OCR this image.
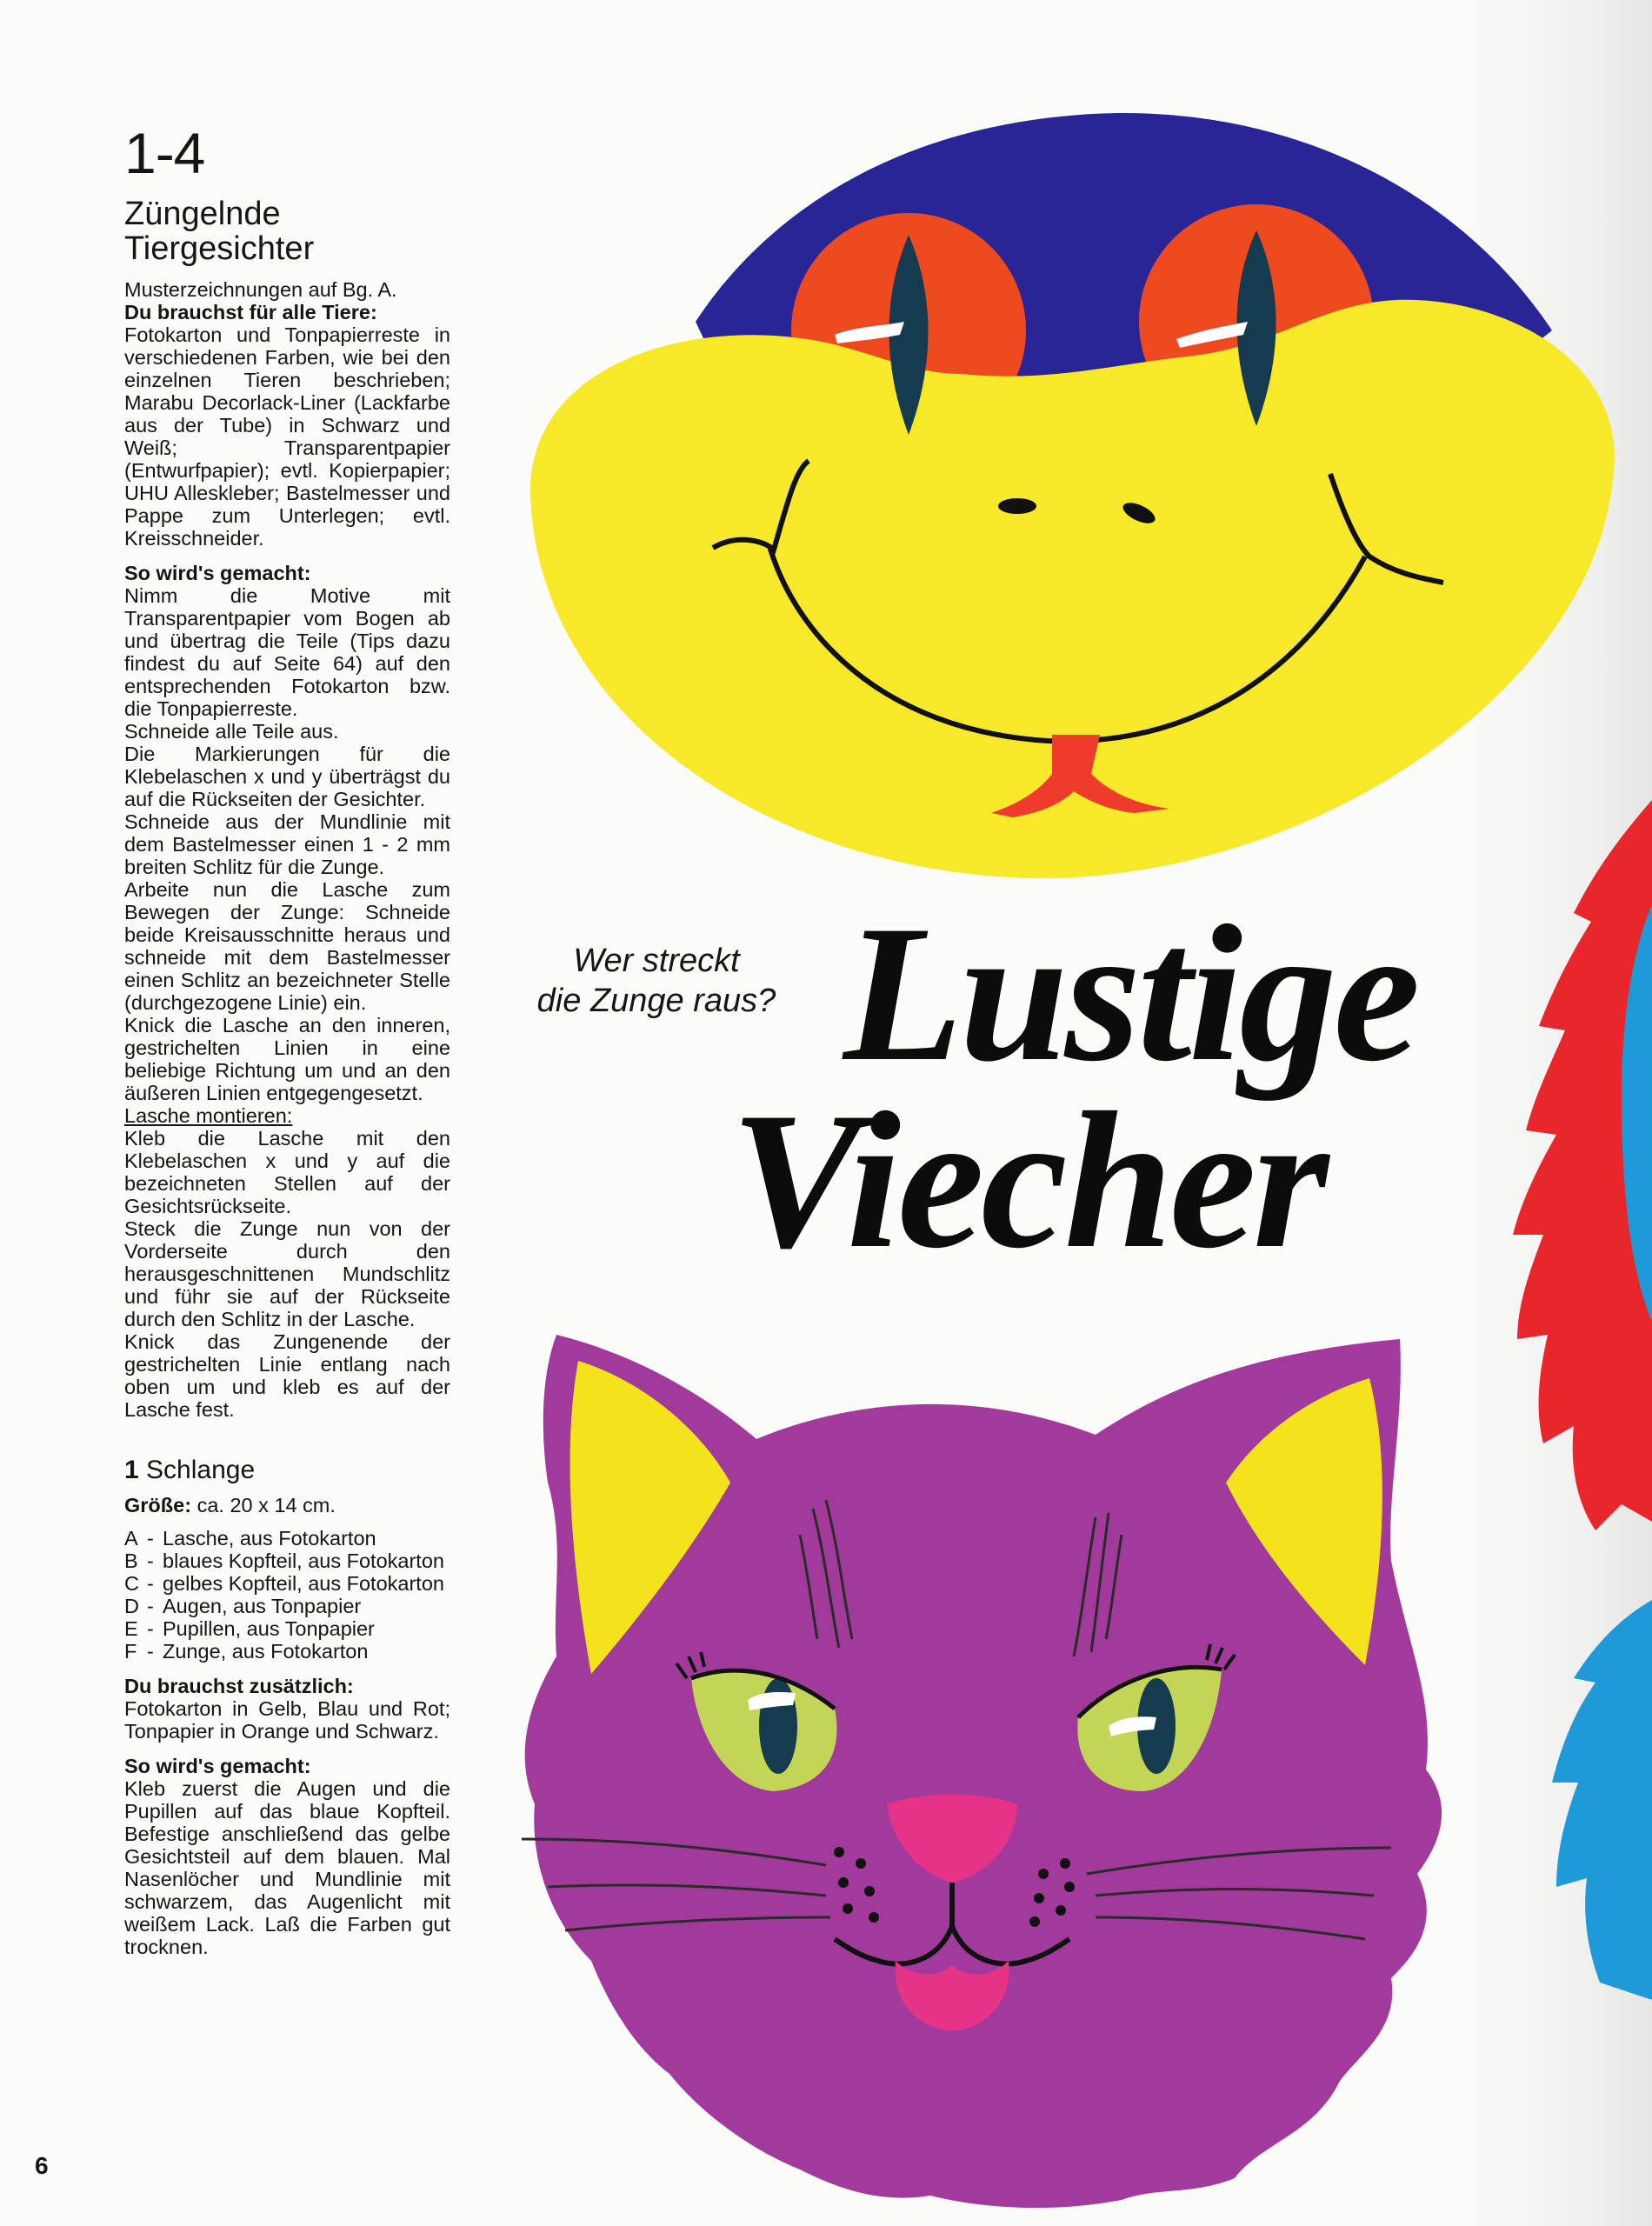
1-4
Züngelnde
Tiergesichter

Musterzeichnungen auf Bg. A.

Du brauchst für alle Tiere:

Fotokarton und Tonpapierreste in verschiedenen Farben, wie bei den einzelnen Tieren beschrieben; Marabu Decorlack-Liner (Lackfarbe aus der Tube) in Schwarz und Weiß; Transparentpapier (Entwurfpapier); evtl. Kopierpapier; UHU Alleskleber; Bastelmesser und Pappe zum Unterlegen; evtl. Kreisschneider.

So wird's gemacht:

Nimm die Motive mit Transparentpapier vom Bogen ab und übertrag die Teile (Tips dazu findest du auf Seite 64) auf den entsprechenden Fotokarton bzw. die Tonpapierreste.

Schneide alle Teile aus.

Die Markierungen für die Klebelaschen x und y überträgst du auf die Rückseiten der Gesichter.

Schneide aus der Mundlinie mit dem Bastelmesser einen 1 - 2 mm breiten Schlitz für die Zunge.

Arbeite nun die Lasche zum Bewegen der Zunge: Schneide beide Kreisausschnitte heraus und schneide mit dem Bastelmesser einen Schlitz an bezeichneter Stelle (durchgezogene Linie) ein.

Knick die Lasche an den inneren, gestrichelten Linien in eine beliebige Richtung um und an den äußeren Linien entgegengesetzt.

Lasche montieren:

Kleb die Lasche mit den Klebelaschen x und y auf die bezeichneten Stellen auf der Gesichtsrückseite.

Steck die Zunge nun von der Vorderseite durch den herausgeschnittenen Mundschlitz und führ sie auf der Rückseite durch den Schlitz in der Lasche.

Knick das Zungenende der gestrichelten Linie entlang nach oben um und kleb es auf der Lasche fest.

1 Schlange
Größe: ca. 20 x 14 cm.
A - Lasche, aus Fotokarton
B - blaues Kopfteil, aus Fotokarton
C - gelbes Kopfteil, aus Fotokarton
D - Augen, aus Tonpapier
E - Pupillen, aus Tonpapier
F - Zunge, aus Fotokarton

Du brauchst zusätzlich:

Fotokarton in Gelb, Blau und Rot; Tonpapier in Orange und Schwarz.

So wird's gemacht:

Kleb zuerst die Augen und die Pupillen auf das blaue Kopfteil. Befestige anschließend das gelbe Gesichtsteil auf dem blauen. Mal Nasenlöcher und Mundlinie mit schwarzem, das Augenlicht mit weißem Lack. Laß die Farben gut trocknen.

6
Wer streckt
die Zunge raus? Lustige
Viecher
